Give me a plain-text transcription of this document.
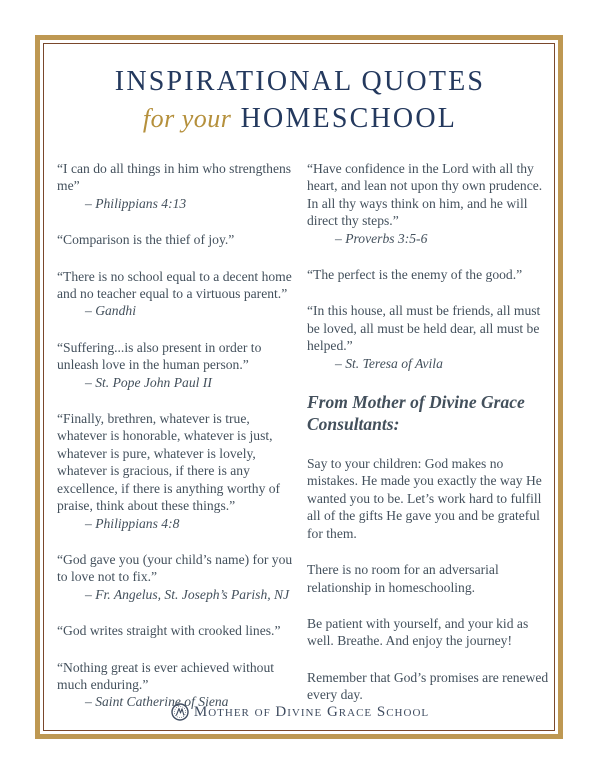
INSPIRATIONAL QUOTES
for your HOMESCHOOL

“I can do all things in him who strengthens me”

– Philippians 4:13

“Comparison is the thief of joy.”

“There is no school equal to a decent home and no teacher equal to a virtuous parent.”

– Gandhi

“Suffering...is also present in order to unleash love in the human person.”

– St. Pope John Paul II

“Finally, brethren, whatever is true, whatever is honorable, whatever is just, whatever is pure, whatever is lovely, whatever is gracious, if there is any excellence, if there is anything worthy of praise, think about these things.”

– Philippians 4:8

“God gave you (your child’s name) for you to love not to fix.”

– Fr. Angelus, St. Joseph’s Parish, NJ

“God writes straight with crooked lines.”

“Nothing great is ever achieved without much enduring.”

– Saint Catherine of Siena

“Have confidence in the Lord with all thy heart, and lean not upon thy own prudence. In all thy ways think on him, and he will direct thy steps.”

– Proverbs 3:5-6

“The perfect is the enemy of the good.”

“In this house, all must be friends, all must be loved, all must be held dear, all must be helped.”

– St. Teresa of Avila

From Mother of Divine Grace Consultants:

Say to your children: God makes no mistakes. He made you exactly the way He wanted you to be. Let’s work hard to fulfill all of the gifts He gave you and be grateful for them.

There is no room for an adversarial relationship in homeschooling.

Be patient with yourself, and your kid as well. Breathe. And enjoy the journey!

Remember that God’s promises are renewed every day.

Mother of Divine Grace School
